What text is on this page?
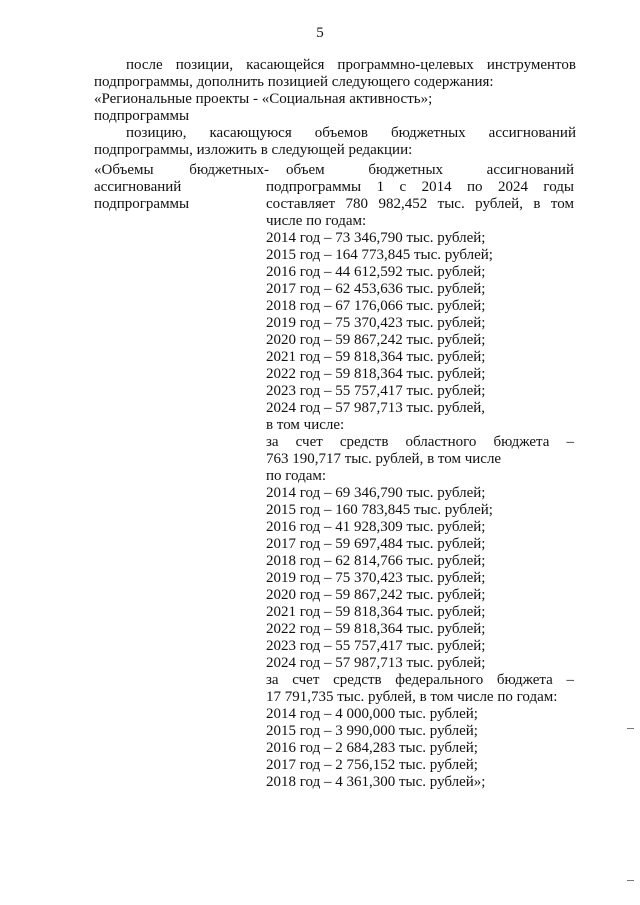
5

после позиции, касающейся программно-целевых инструментов

подпрограммы, дополнить позицией следующего содержания:

«Региональные проекты - «Социальная активность»;

подпрограммы

позицию, касающуюся объемов бюджетных ассигнований

подпрограммы, изложить в следующей редакции:

«Объемы бюджетных

ассигнований

подпрограммы

-	объем бюджетных ассигнований

подпрограммы 1 с 2014 по 2024 годы

составляет 780 982,452 тыс. рублей, в том

числе по годам:

2014 год – 73 346,790 тыс. рублей;

2015 год – 164 773,845 тыс. рублей;

2016 год – 44 612,592 тыс. рублей;

2017 год – 62 453,636 тыс. рублей;

2018 год – 67 176,066 тыс. рублей;

2019 год – 75 370,423 тыс. рублей;

2020 год – 59 867,242 тыс. рублей;

2021 год – 59 818,364 тыс. рублей;

2022 год – 59 818,364 тыс. рублей;

2023 год – 55 757,417 тыс. рублей;

2024 год – 57 987,713 тыс. рублей,

в том числе:

за счет средств областного бюджета –

763 190,717 тыс. рублей, в том числе

по годам:

2014 год – 69 346,790 тыс. рублей;

2015 год – 160 783,845 тыс. рублей;

2016 год – 41 928,309 тыс. рублей;

2017 год – 59 697,484 тыс. рублей;

2018 год – 62 814,766 тыс. рублей;

2019 год – 75 370,423 тыс. рублей;

2020 год – 59 867,242 тыс. рублей;

2021 год – 59 818,364 тыс. рублей;

2022 год – 59 818,364 тыс. рублей;

2023 год – 55 757,417 тыс. рублей;

2024 год – 57 987,713 тыс. рублей;

за счет средств федерального бюджета –

17 791,735 тыс. рублей, в том числе по годам:

2014 год – 4 000,000 тыс. рублей;

2015 год – 3 990,000 тыс. рублей;

2016 год – 2 684,283 тыс. рублей;

2017 год – 2 756,152 тыс. рублей;

2018 год – 4 361,300 тыс. рублей»;
